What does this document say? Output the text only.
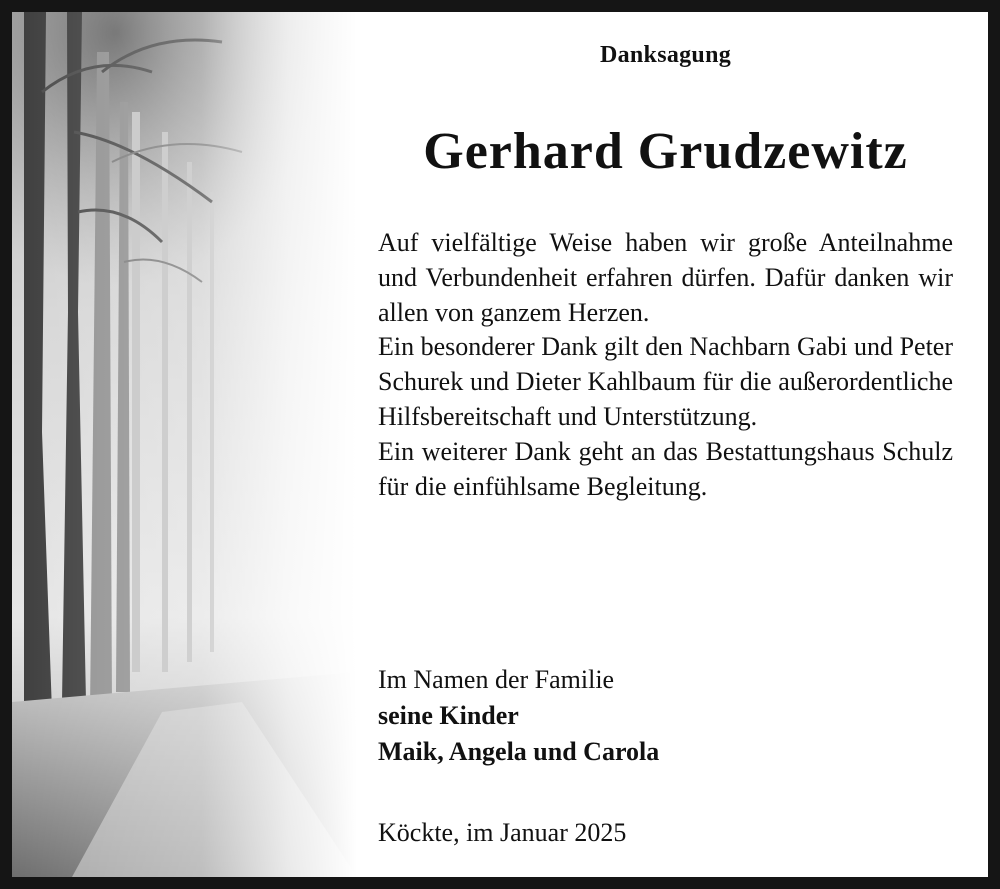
Danksagung
Gerhard Grudzewitz

Auf vielfältige Weise haben wir große Anteilnahme und Verbundenheit erfahren dürfen. Dafür danken wir allen von ganzem Herzen.

Ein besonderer Dank gilt den Nachbarn Gabi und Peter Schurek und Dieter Kahlbaum für die außerordentliche Hilfsbereitschaft und Unterstützung.

Ein weiterer Dank geht an das Bestattungshaus Schulz für die einfühlsame Begleitung.

Im Namen der Familie
seine Kinder
Maik, Angela und Carola
Köckte, im Januar 2025
